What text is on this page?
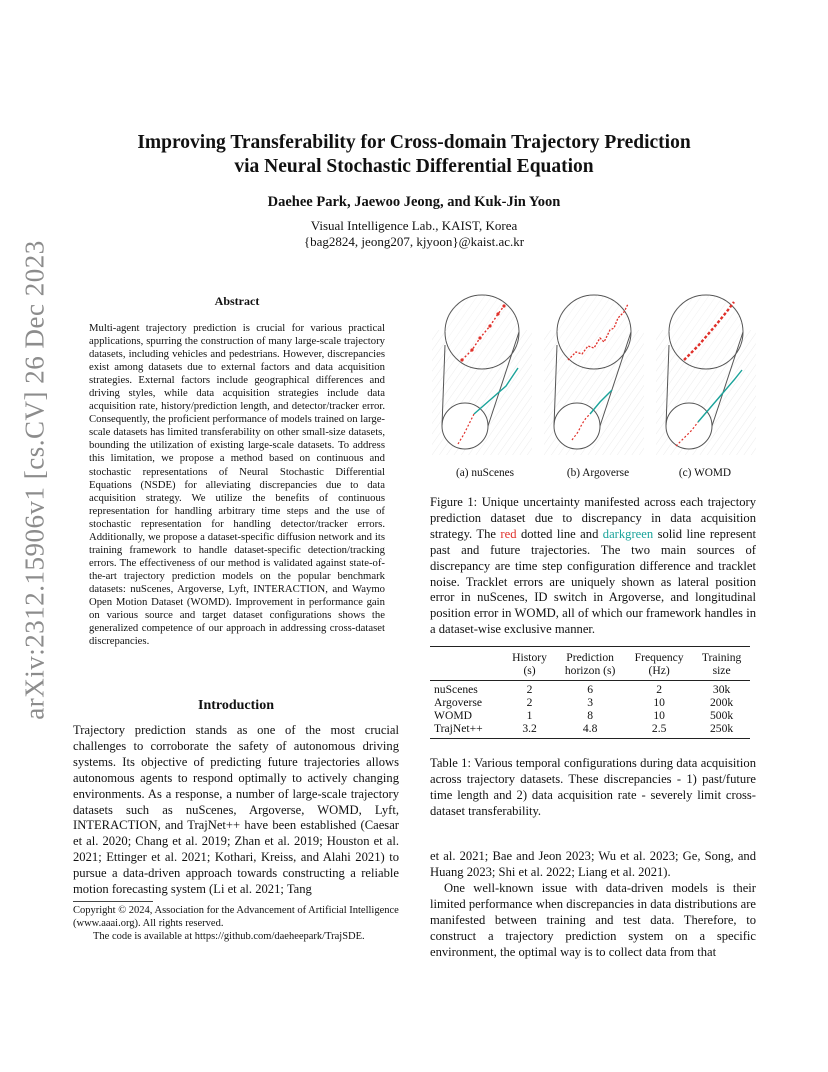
arXiv:2312.15906v1 [cs.CV] 26 Dec 2023
Improving Transferability for Cross-domain Trajectory Prediction
via Neural Stochastic Differential Equation
Daehee Park, Jaewoo Jeong, and Kuk-Jin Yoon
Visual Intelligence Lab., KAIST, Korea
{bag2824, jeong207, kjyoon}@kaist.ac.kr
Abstract
Multi-agent trajectory prediction is crucial for various practical applications, spurring the construction of many large-scale trajectory datasets, including vehicles and pedestrians. However, discrepancies exist among datasets due to external factors and data acquisition strategies. External factors include geographical differences and driving styles, while data acquisition strategies include data acquisition rate, history/prediction length, and detector/tracker error. Consequently, the proficient performance of models trained on large-scale datasets has limited transferability on other small-size datasets, bounding the utilization of existing large-scale datasets. To address this limitation, we propose a method based on continuous and stochastic representations of Neural Stochastic Differential Equations (NSDE) for alleviating discrepancies due to data acquisition strategy. We utilize the benefits of continuous representation for handling arbitrary time steps and the use of stochastic representation for handling detector/tracker errors. Additionally, we propose a dataset-specific diffusion network and its training framework to handle dataset-specific detection/tracking errors. The effectiveness of our method is validated against state-of-the-art trajectory prediction models on the popular benchmark datasets: nuScenes, Argoverse, Lyft, INTERACTION, and Waymo Open Motion Dataset (WOMD). Improvement in performance gain on various source and target dataset configurations shows the generalized competence of our approach in addressing cross-dataset discrepancies.
Introduction
Trajectory prediction stands as one of the most crucial challenges to corroborate the safety of autonomous driving systems. Its objective of predicting future trajectories allows autonomous agents to respond optimally to actively changing environments. As a response, a number of large-scale trajectory datasets such as nuScenes, Argoverse, WOMD, Lyft, INTERACTION, and TrajNet++ have been established (Caesar et al. 2020; Chang et al. 2019; Zhan et al. 2019; Houston et al. 2021; Ettinger et al. 2021; Kothari, Kreiss, and Alahi 2021) to pursue a data-driven approach towards constructing a reliable motion forecasting system (Li et al. 2021; Tang
Copyright © 2024, Association for the Advancement of Artificial Intelligence (www.aaai.org). All rights reserved.
The code is available at https://github.com/daeheepark/TrajSDE.
(a) nuScenes	(b) Argoverse	(c) WOMD
Figure 1: Unique uncertainty manifested across each trajectory prediction dataset due to discrepancy in data acquisition strategy. The red dotted line and darkgreen solid line represent past and future trajectories. The two main sources of discrepancy are time step configuration difference and tracklet noise. Tracklet errors are uniquely shown as lateral position error in nuScenes, ID switch in Argoverse, and longitudinal position error in WOMD, all of which our framework handles in a dataset-wise exclusive manner.
	History	Prediction	Frequency	Training
	(s)	horizon (s)	(Hz)	size

nuScenes	2	6	2	30k
Argoverse	2	3	10	200k
WOMD	1	8	10	500k
TrajNet++	3.2	4.8	2.5	250k
Table 1: Various temporal configurations during data acquisition across trajectory datasets. These discrepancies - 1) past/future time length and 2) data acquisition rate - severely limit cross-dataset transferability.
et al. 2021; Bae and Jeon 2023; Wu et al. 2023; Ge, Song, and Huang 2023; Shi et al. 2022; Liang et al. 2021).
One well-known issue with data-driven models is their limited performance when discrepancies in data distributions are manifested between training and test data. Therefore, to construct a trajectory prediction system on a specific environment, the optimal way is to collect data from that
